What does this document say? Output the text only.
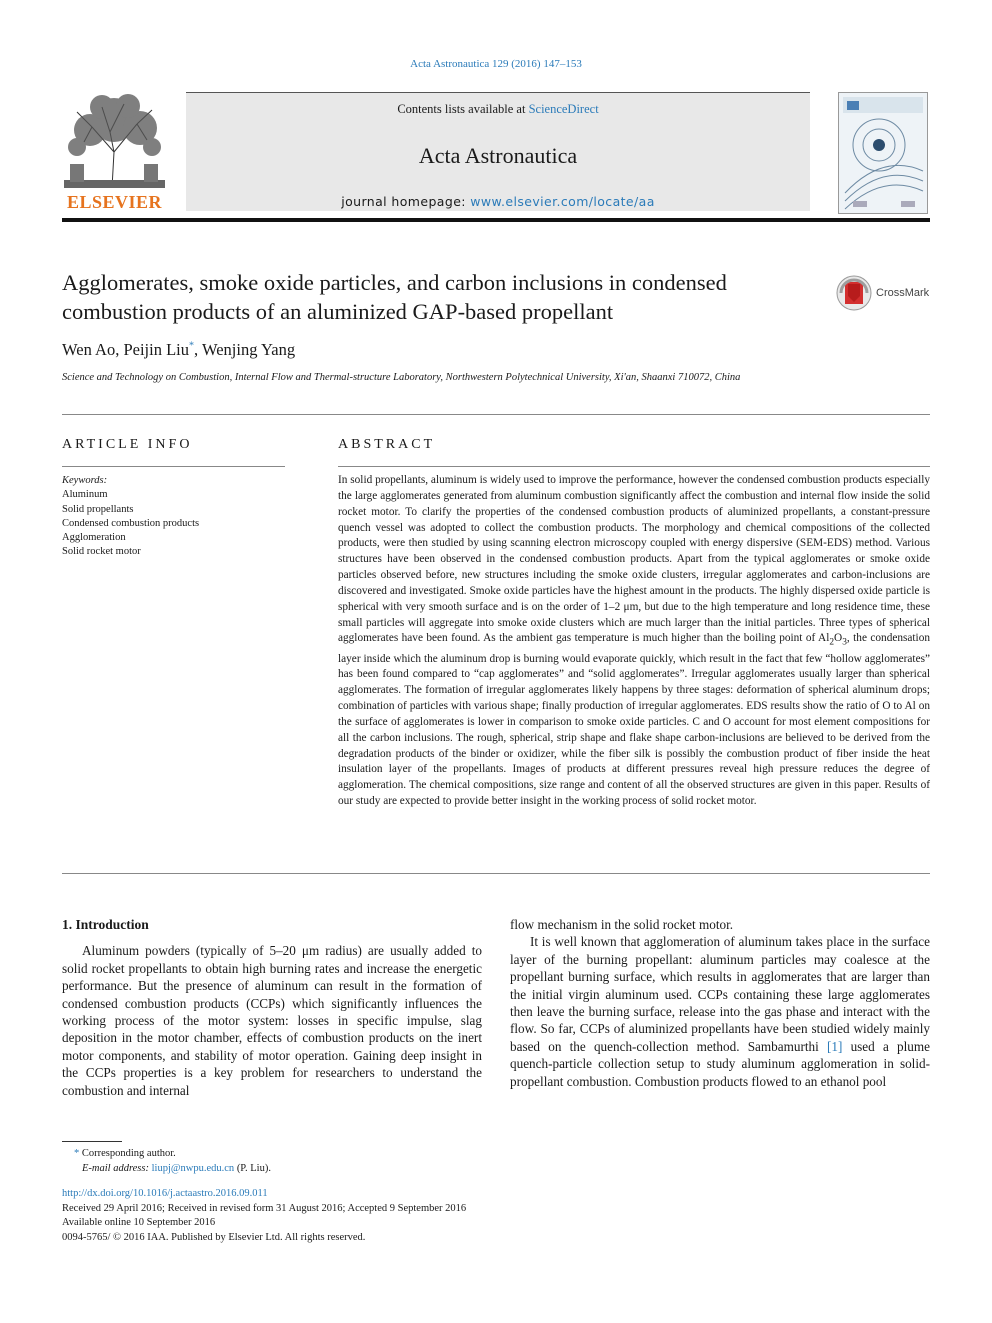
Acta Astronautica 129 (2016) 147–153
ELSEVIER
Contents lists available at ScienceDirect
Acta Astronautica
journal homepage: www.elsevier.com/locate/aa
Agglomerates, smoke oxide particles, and carbon inclusions in condensed combustion products of an aluminized GAP-based propellant
CrossMark
Wen Ao, Peijin Liu*, Wenjing Yang
Science and Technology on Combustion, Internal Flow and Thermal-structure Laboratory, Northwestern Polytechnical University, Xi'an, Shaanxi 710072, China
ARTICLE INFO	ABSTRACT
Keywords:
Aluminum
Solid propellants
Condensed combustion products
Agglomeration
Solid rocket motor
In solid propellants, aluminum is widely used to improve the performance, however the condensed combustion products especially the large agglomerates generated from aluminum combustion significantly affect the combustion and internal flow inside the solid rocket motor. To clarify the properties of the condensed combustion products of aluminized propellants, a constant-pressure quench vessel was adopted to collect the combustion products. The morphology and chemical compositions of the collected products, were then studied by using scanning electron microscopy coupled with energy dispersive (SEM-EDS) method. Various structures have been observed in the condensed combustion products. Apart from the typical agglomerates or smoke oxide particles observed before, new structures including the smoke oxide clusters, irregular agglomerates and carbon-inclusions are discovered and investigated. Smoke oxide particles have the highest amount in the products. The highly dispersed oxide particle is spherical with very smooth surface and is on the order of 1–2 μm, but due to the high temperature and long residence time, these small particles will aggregate into smoke oxide clusters which are much larger than the initial particles. Three types of spherical agglomerates have been found. As the ambient gas temperature is much higher than the boiling point of $Al_2O_3$, the condensation layer inside which the aluminum drop is burning would evaporate quickly, which result in the fact that few “hollow agglomerates” has been found compared to “cap agglomerates” and “solid agglomerates”. Irregular agglomerates usually larger than spherical agglomerates. The formation of irregular agglomerates likely happens by three stages: deformation of spherical aluminum drops; combination of particles with various shape; finally production of irregular agglomerates. EDS results show the ratio of O to Al on the surface of agglomerates is lower in comparison to smoke oxide particles. C and O account for most element compositions for all the carbon inclusions. The rough, spherical, strip shape and flake shape carbon-inclusions are believed to be derived from the degradation products of the binder or oxidizer, while the fiber silk is possibly the combustion product of fiber inside the heat insulation layer of the propellants. Images of products at different pressures reveal high pressure reduces the degree of agglomeration. The chemical compositions, size range and content of all the observed structures are given in this paper. Results of our study are expected to provide better insight in the working process of solid rocket motor.
1. Introduction

Aluminum powders (typically of 5–20 μm radius) are usually added to solid rocket propellants to obtain high burning rates and increase the energetic performance. But the presence of aluminum can result in the formation of condensed combustion products (CCPs) which significantly influences the working process of the motor system: losses in specific impulse, slag deposition in the motor chamber, effects of combustion products on the inert motor components, and stability of motor operation. Gaining deep insight in the CCPs properties is a key problem for researchers to understand the combustion and internal

flow mechanism in the solid rocket motor.

It is well known that agglomeration of aluminum takes place in the surface layer of the burning propellant: aluminum particles may coalesce at the propellant burning surface, which results in agglomerates that are larger than the initial virgin aluminum used. CCPs containing these large agglomerates then leave the burning surface, release into the gas phase and interact with the flow. So far, CCPs of aluminized propellants have been studied widely mainly based on the quench-collection method. Sambamurthi [1] used a plume quench-particle collection setup to study aluminum agglomeration in solid-propellant combustion. Combustion products flowed to an ethanol pool

* Corresponding author.
E-mail address: liupj@nwpu.edu.cn (P. Liu).
http://dx.doi.org/10.1016/j.actaastro.2016.09.011
Received 29 April 2016; Received in revised form 31 August 2016; Accepted 9 September 2016
Available online 10 September 2016
0094-5765/ © 2016 IAA. Published by Elsevier Ltd. All rights reserved.
